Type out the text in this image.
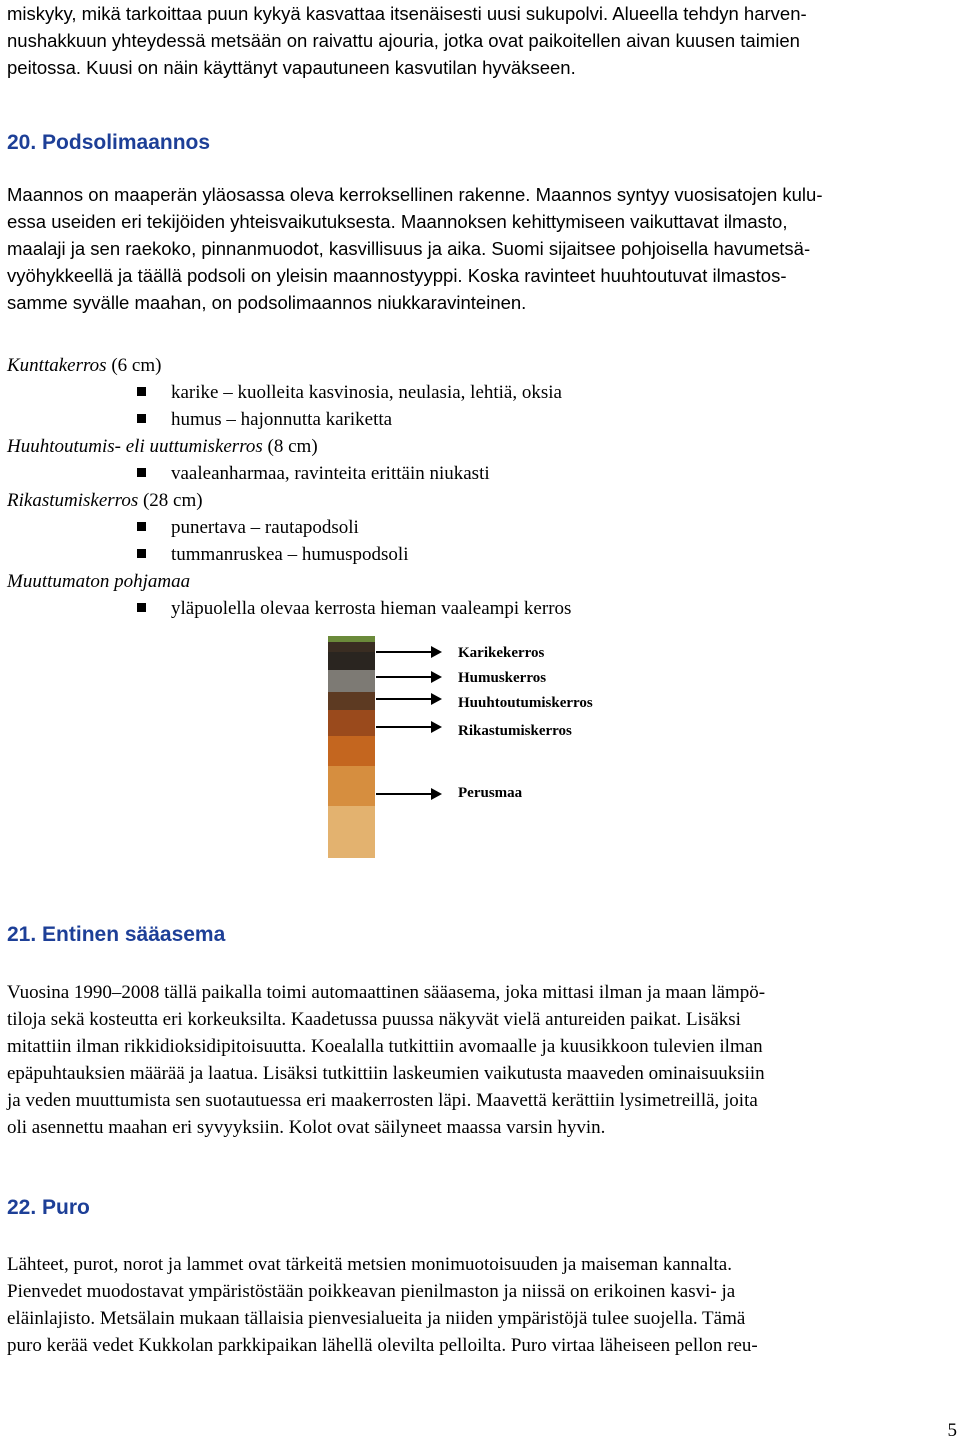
miskyky, mikä tarkoittaa puun kykyä kasvattaa itsenäisesti uusi sukupolvi. Alueella tehdyn harven-
nushakkuun yhteydessä metsään on raivattu ajouria, jotka ovat paikoitellen aivan kuusen taimien
peitossa. Kuusi on näin käyttänyt vapautuneen kasvutilan hyväkseen.
20. Podsolimaannos
Maannos on maaperän yläosassa oleva kerroksellinen rakenne. Maannos syntyy vuosisatojen kulu-
essa useiden eri tekijöiden yhteisvaikutuksesta. Maannoksen kehittymiseen vaikuttavat ilmasto,
maalaji ja sen raekoko, pinnanmuodot, kasvillisuus ja aika. Suomi sijaitsee pohjoisella havumetsä-
vyöhykkeellä ja täällä podsoli on yleisin maannostyyppi. Koska ravinteet huuhtoutuvat ilmastos-
samme syvälle maahan, on podsolimaannos niukkaravinteinen.
Kunttakerros (6 cm)
karike – kuolleita kasvinosia, neulasia, lehtiä, oksia
humus – hajonnutta kariketta
Huuhtoutumis- eli uuttumiskerros (8 cm)
vaaleanharmaa, ravinteita erittäin niukasti
Rikastumiskerros (28 cm)
punertava – rautapodsoli
tummanruskea – humuspodsoli
Muuttumaton pohjamaa
yläpuolella olevaa kerrosta hieman vaaleampi kerros
Karikekerros
Humuskerros
Huuhtoutumiskerros
Rikastumiskerros
Perusmaa
21. Entinen sääasema
Vuosina 1990–2008 tällä paikalla toimi automaattinen sääasema, joka mittasi ilman ja maan lämpö-
tiloja sekä kosteutta eri korkeuksilta. Kaadetussa puussa näkyvät vielä antureiden paikat. Lisäksi
mitattiin ilman rikkidioksidipitoisuutta. Koealalla tutkittiin avomaalle ja kuusikkoon tulevien ilman
epäpuhtauksien määrää ja laatua. Lisäksi tutkittiin laskeumien vaikutusta maaveden ominaisuuksiin
ja veden muuttumista sen suotautuessa eri maakerrosten läpi. Maavettä kerättiin lysimetreillä, joita
oli asennettu maahan eri syvyyksiin. Kolot ovat säilyneet maassa varsin hyvin.
22. Puro
Lähteet, purot, norot ja lammet ovat tärkeitä metsien monimuotoisuuden ja maiseman kannalta.
Pienvedet muodostavat ympäristöstään poikkeavan pienilmaston ja niissä on erikoinen kasvi- ja
eläinlajisto. Metsälain mukaan tällaisia pienvesialueita ja niiden ympäristöjä tulee suojella. Tämä
puro kerää vedet Kukkolan parkkipaikan lähellä olevilta pelloilta. Puro virtaa läheiseen pellon reu-
5
